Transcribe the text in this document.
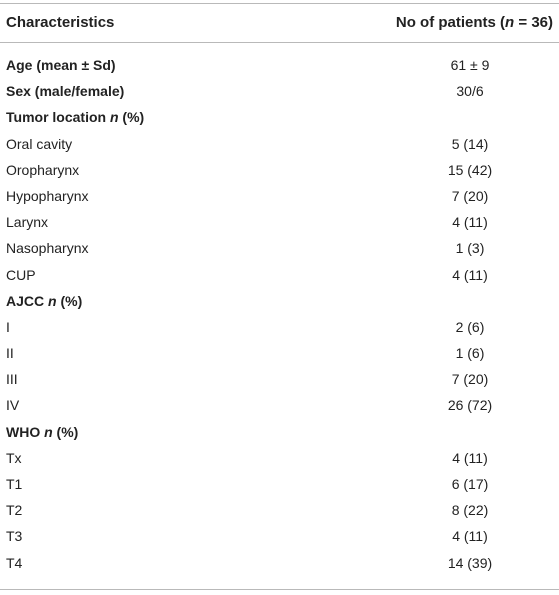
Characteristics	No of patients (n = 36)
Age (mean ± Sd)	61 ± 9
Sex (male/female)	30/6
Tumor location n (%)
Oral cavity	5 (14)
Oropharynx	15 (42)
Hypopharynx	7 (20)
Larynx	4 (11)
Nasopharynx	1 (3)
CUP	4 (11)
AJCC n (%)
I	2 (6)
II	1 (6)
III	7 (20)
IV	26 (72)
WHO n (%)
Tx	4 (11)
T1	6 (17)
T2	8 (22)
T3	4 (11)
T4	14 (39)
